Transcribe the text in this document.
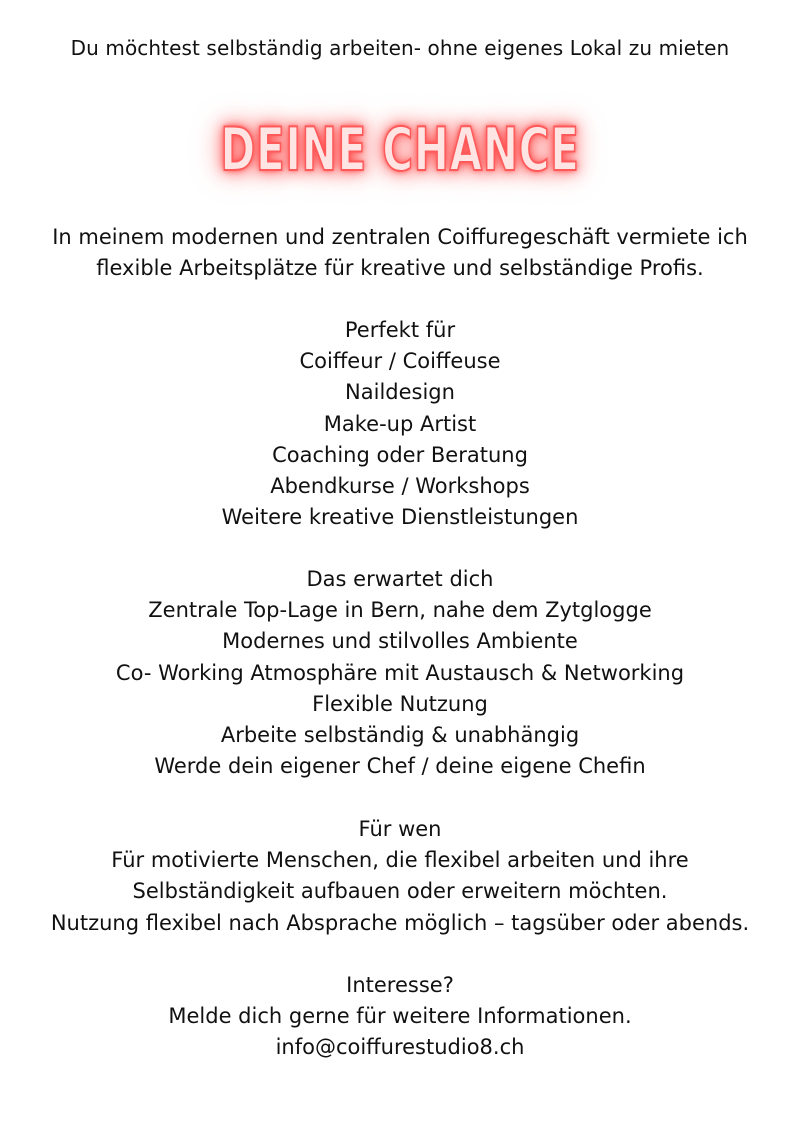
Du möchtest selbständig arbeiten- ohne eigenes Lokal zu mieten
DEINE CHANCE
In meinem modernen und zentralen Coiffuregeschäft vermiete ich
flexible Arbeitsplätze für kreative und selbständige Profis.
Perfekt für
Coiffeur / Coiffeuse
Naildesign
Make-up Artist
Coaching oder Beratung
Abendkurse / Workshops
Weitere kreative Dienstleistungen
Das erwartet dich
Zentrale Top-Lage in Bern, nahe dem Zytglogge
Modernes und stilvolles Ambiente
Co- Working Atmosphäre mit Austausch & Networking
Flexible Nutzung
Arbeite selbständig & unabhängig
Werde dein eigener Chef / deine eigene Chefin
Für wen
Für motivierte Menschen, die flexibel arbeiten und ihre
Selbständigkeit aufbauen oder erweitern möchten.
Nutzung flexibel nach Absprache möglich – tagsüber oder abends.
Interesse?
Melde dich gerne für weitere Informationen.
info@coiffurestudio8.ch
